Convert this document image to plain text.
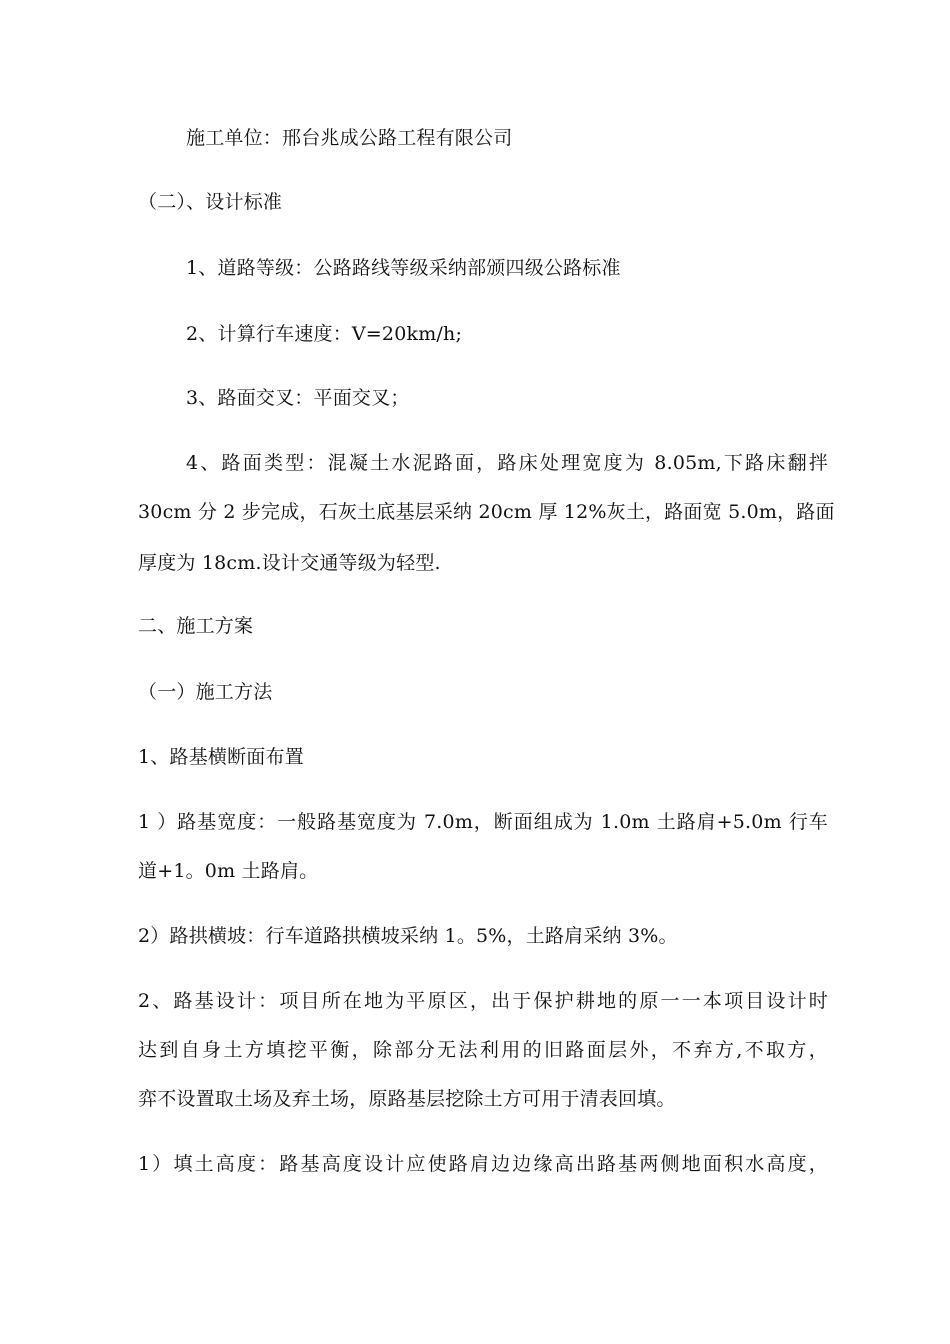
施工单位：邢台兆成公路工程有限公司
（二）、设计标准
1、道路等级：公路路线等级采纳部颁四级公路标准
2、计算行车速度：V=20km/h;
3、路面交叉：平面交叉；
4、路面类型：混凝土水泥路面，路床处理宽度为 8.05m,下路床翻拌
30cm 分 2 步完成，石灰土底基层采纳 20cm 厚 12%灰土，路面宽 5.0m，路面
厚度为 18cm.设计交通等级为轻型.
二、施工方案
（一）施工方法
1、路基横断面布置
1 ）路基宽度：一般路基宽度为 7.0m，断面组成为 1.0m 土路肩+5.0m 行车
道+1。0m 土路肩。
2）路拱横坡：行车道路拱横坡采纳 1。5%，土路肩采纳 3%。
2、路基设计：项目所在地为平原区，出于保护耕地的原一一本项目设计时
达到自身土方填挖平衡，除部分无法利用的旧路面层外，不弃方,不取方，
弈不设置取土场及弃土场，原路基层挖除土方可用于清表回填。
1）填土高度：路基高度设计应使路肩边边缘高出路基两侧地面积水高度，
